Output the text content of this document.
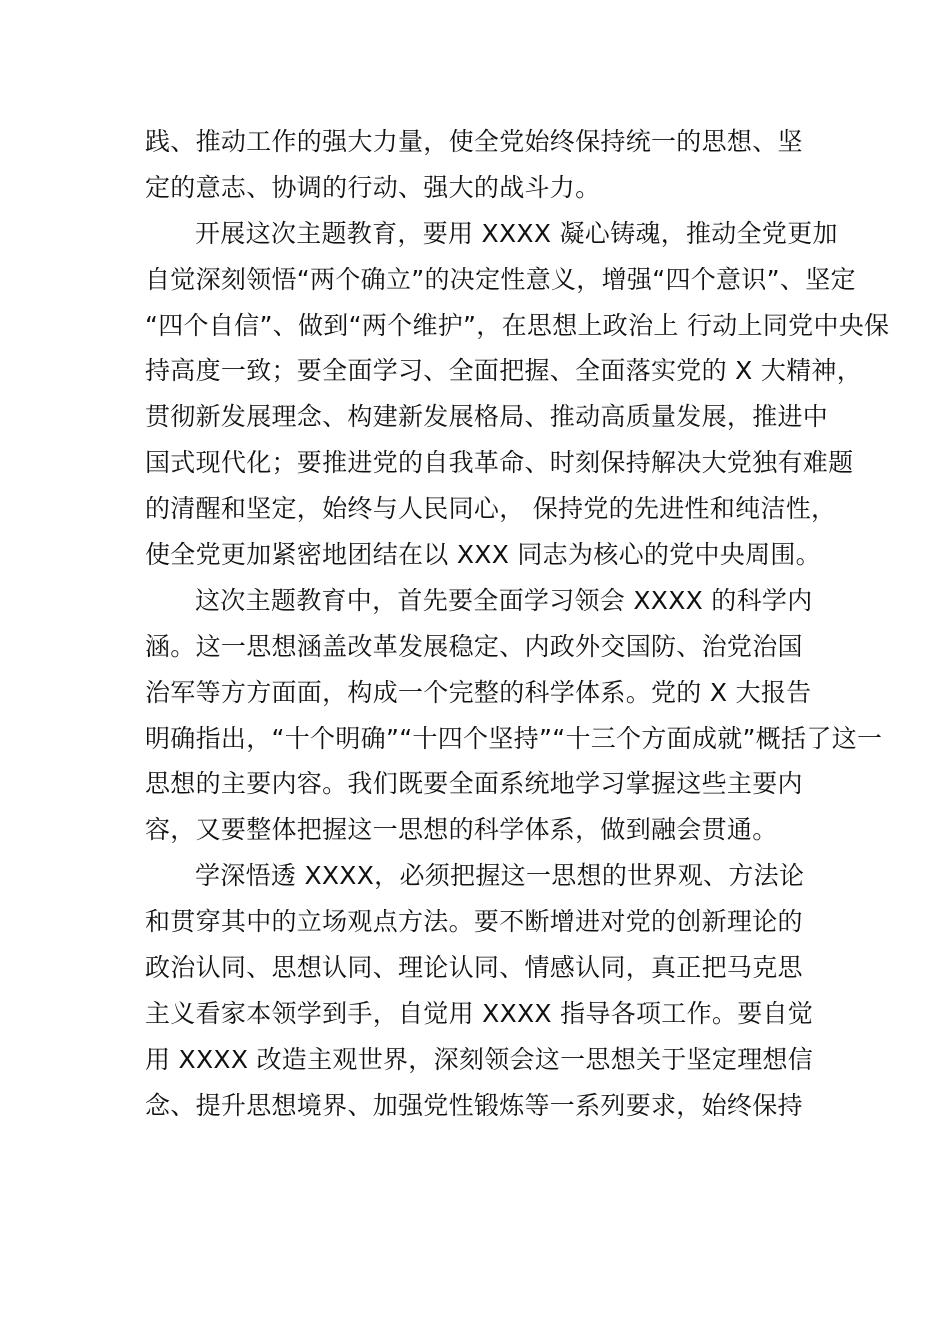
践、推动工作的强大力量，使全党始终保持统一的思想、坚
定的意志、协调的行动、强大的战斗力。
开展这次主题教育，要用 XXXX 凝心铸魂，推动全党更加
自觉深刻领悟“两个确立”的决定性意义，增强“四个意识”、坚定
“四个自信”、做到“两个维护”，在思想上政治上 行动上同党中央保
持高度一致；要全面学习、全面把握、全面落实党的 X 大精神，
贯彻新发展理念、构建新发展格局、推动高质量发展，推进中
国式现代化；要推进党的自我革命、时刻保持解决大党独有难题
的清醒和坚定，始终与人民同心， 保持党的先进性和纯洁性，
使全党更加紧密地团结在以 XXX 同志为核心的党中央周围。
这次主题教育中，首先要全面学习领会 XXXX 的科学内
涵。这一思想涵盖改革发展稳定、内政外交国防、治党治国
治军等方方面面，构成一个完整的科学体系。党的 X 大报告
明确指出，“十个明确”“十四个坚持”“十三个方面成就”概括了这一
思想的主要内容。我们既要全面系统地学习掌握这些主要内
容，又要整体把握这一思想的科学体系，做到融会贯通。
学深悟透 XXXX，必须把握这一思想的世界观、方法论
和贯穿其中的立场观点方法。要不断增进对党的创新理论的
政治认同、思想认同、理论认同、情感认同，真正把马克思
主义看家本领学到手，自觉用 XXXX 指导各项工作。要自觉
用 XXXX 改造主观世界，深刻领会这一思想关于坚定理想信
念、提升思想境界、加强党性锻炼等一系列要求，始终保持
